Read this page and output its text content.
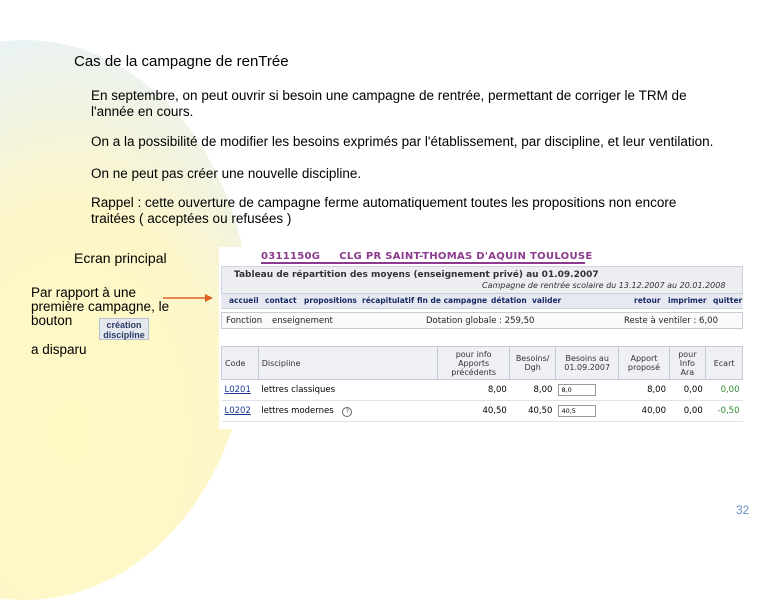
Cas de la campagne de renTrée
En septembre, on peut ouvrir si besoin une campagne de rentrée, permettant de corriger le TRM de l'année en cours.
On a la possibilité de modifier les besoins exprimés par l'établissement, par discipline, et leur ventilation.
On ne peut pas créer une nouvelle discipline.
Rappel : cette ouverture de campagne ferme automatiquement toutes les propositions non encore traitées ( acceptées ou refusées )
Ecran principal
Par rapport à une première campagne, le bouton	création
discipline
a disparu
0311150G CLG PR SAINT-THOMAS D'AQUIN TOULOUSE
Tableau de répartition des moyens (enseignement privé) au 01.09.2007
Campagne de rentrée scolaire du 13.12.2007 au 20.01.2008
accueil contact propositions récapitulatif fin de campagne détation valider	retour imprimer quitter
Fonction enseignement	Dotation globale : 259,50	Reste à ventiler : 6,00
Code	Discipline	pour info Apports précédents	Besoins/ Dgh	Besoins au 01.09.2007	Apport proposé	pour Info Ara	Ecart
L0201	lettres classiques	8,00	8,00	8,0	8,00	0,00	0,00
L0202	lettres modernes ?	40,50	40,50	40,5	40,00	0,00	-0,50
32
